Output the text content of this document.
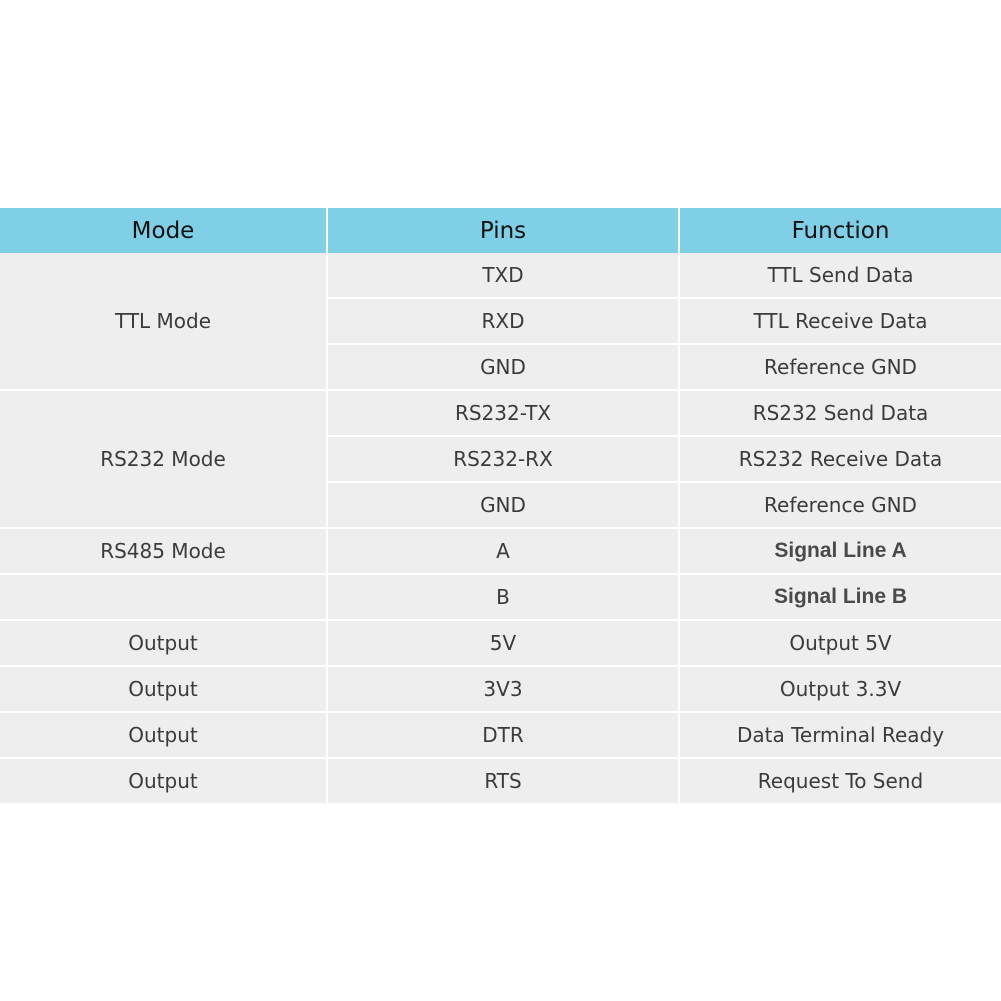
Mode	Pins	Function
TTL Mode	TXD	TTL Send Data
	RXD	TTL Receive Data
	GND	Reference GND
RS232 Mode	RS232-TX	RS232 Send Data
	RS232-RX	RS232 Receive Data
	GND	Reference GND
RS485 Mode	A	Signal Line A
	B	Signal Line B
Output	5V	Output 5V
Output	3V3	Output 3.3V
Output	DTR	Data Terminal Ready
Output	RTS	Request To Send
